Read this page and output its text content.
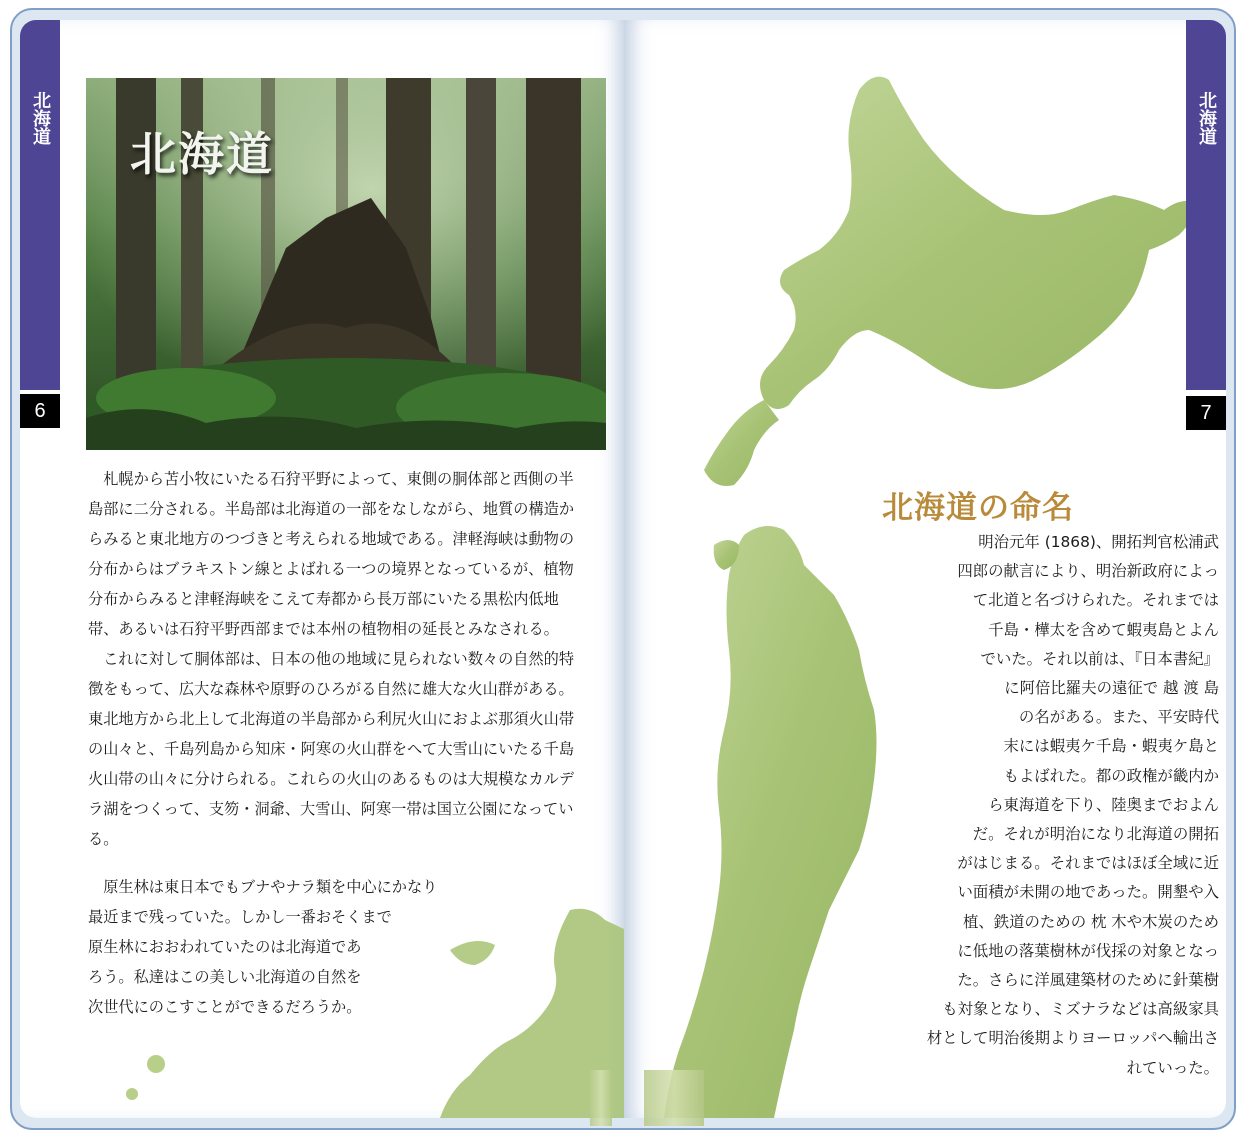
北海道
6
北海道

札幌から苫小牧にいたる石狩平野によって、東側の胴体部と西側の半島部に二分される。半島部は北海道の一部をなしながら、地質の構造からみると東北地方のつづきと考えられる地域である。津軽海峡は動物の分布からはブラキストン線とよばれる一つの境界となっているが、植物分布からみると津軽海峡をこえて寿都から長万部にいたる黒松内低地帯、あるいは石狩平野西部までは本州の植物相の延長とみなされる。

これに対して胴体部は、日本の他の地域に見られない数々の自然的特徴をもって、広大な森林や原野のひろがる自然に雄大な火山群がある。東北地方から北上して北海道の半島部から利尻火山におよぶ那須火山帯の山々と、千島列島から知床・阿寒の火山群をへて大雪山にいたる千島火山帯の山々に分けられる。これらの火山のあるものは大規模なカルデラ湖をつくって、支笏・洞爺、大雪山、阿寒一帯は国立公園になっている。

原生林は東日本でもブナやナラ類を中心にかなり
最近まで残っていた。しかし一番おそくまで
原生林におおわれていたのは北海道であ
ろう。私達はこの美しい北海道の自然を
次世代にのこすことができるだろうか。
北海道
7
北海道の命名
明治元年 (1868)、開拓判官松浦武
四郎の献言により、明治新政府によっ
て北道と名づけられた。それまでは
千島・樺太を含めて蝦夷島とよん
でいた。それ以前は、『日本書紀』
に阿倍比羅夫の遠征で 越 渡 島
の名がある。また、平安時代
末には蝦夷ケ千島・蝦夷ケ島と
もよばれた。都の政権が畿内か
ら東海道を下り、陸奥までおよん
だ。それが明治になり北海道の開拓
がはじまる。それまではほぼ全域に近
い面積が未開の地であった。開墾や入
植、鉄道のための 枕 木や木炭のため
に低地の落葉樹林が伐採の対象となっ
た。さらに洋風建築材のために針葉樹
も対象となり、ミズナラなどは高級家具
材として明治後期よりヨーロッパへ輸出さ
れていった。
